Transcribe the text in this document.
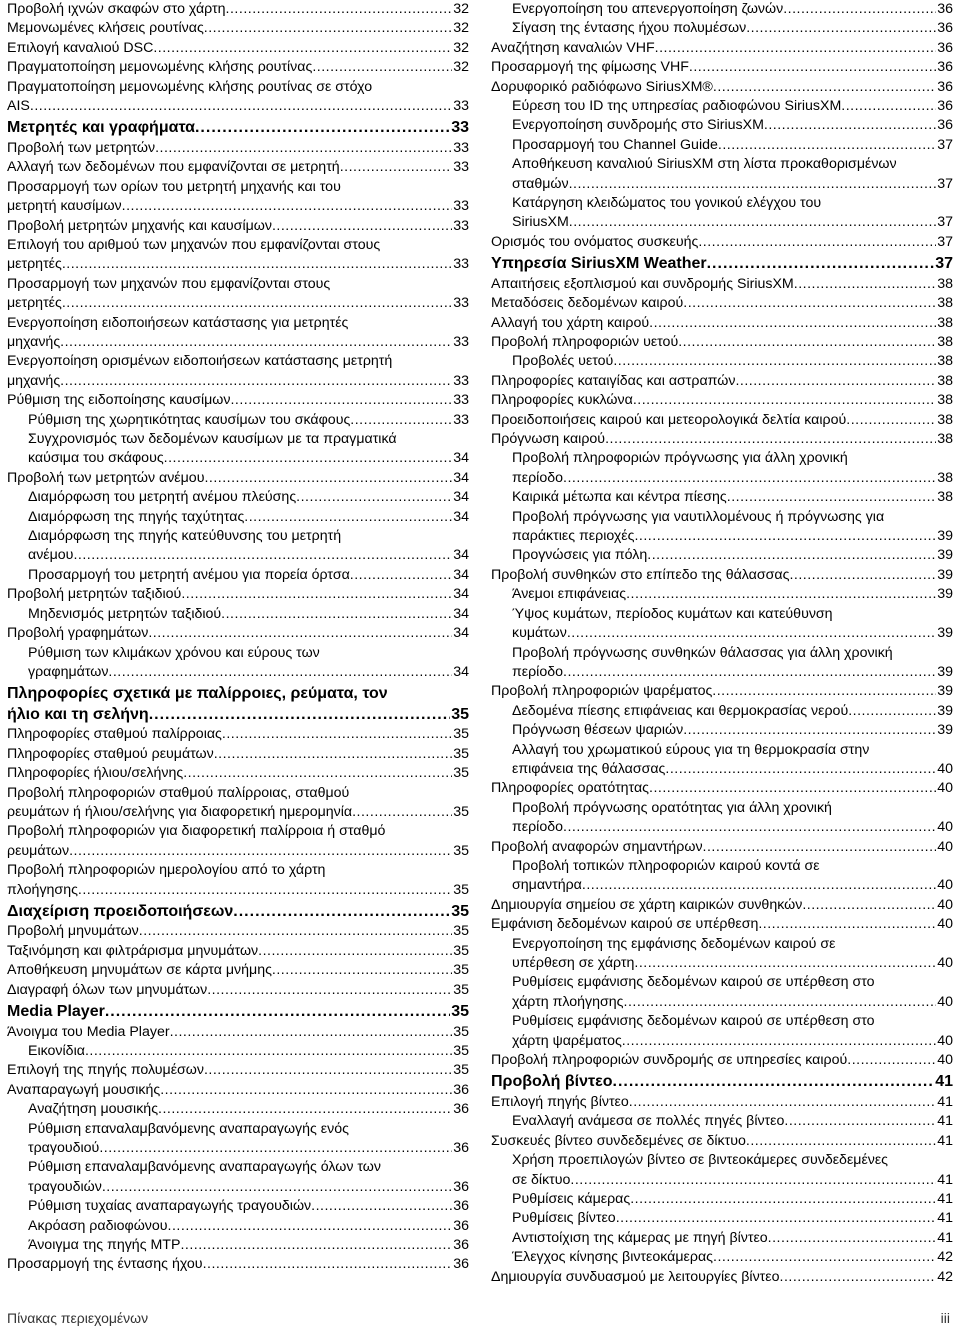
Προβολή ιχνών σκαφών στο χάρτη .....	32
Μεμονωμένες κλήσεις ρουτίνας .....	32
Επιλογή καναλιού DSC .....	32
Πραγματοποίηση μεμονωμένης κλήσης ρουτίνας .....	32
Πραγματοποίηση μεμονωμένης κλήσης ρουτίνας σε στόχο
AIS .....	33
Μετρητές και γραφήματα .....	33
Προβολή των μετρητών .....	33
Αλλαγή των δεδομένων που εμφανίζονται σε μετρητή .....	33
Προσαρμογή των ορίων του μετρητή μηχανής και του
μετρητή καυσίμων .....	33
Προβολή μετρητών μηχανής και καυσίμων .....	33
Επιλογή του αριθμού των μηχανών που εμφανίζονται στους
μετρητές .....	33
Προσαρμογή των μηχανών που εμφανίζονται στους
μετρητές .....	33
Ενεργοποίηση ειδοποιήσεων κατάστασης για μετρητές
μηχανής .....	33
Ενεργοποίηση ορισμένων ειδοποιήσεων κατάστασης μετρητή
μηχανής .....	33
Ρύθμιση της ειδοποίησης καυσίμων .....	33
Ρύθμιση της χωρητικότητας καυσίμων του σκάφους .....	33
Συγχρονισμός των δεδομένων καυσίμων με τα πραγματικά
καύσιμα του σκάφους .....	34
Προβολή των μετρητών ανέμου .....	34
Διαμόρφωση του μετρητή ανέμου πλεύσης .....	34
Διαμόρφωση της πηγής ταχύτητας .....	34
Διαμόρφωση της πηγής κατεύθυνσης του μετρητή
ανέμου .....	34
Προσαρμογή του μετρητή ανέμου για πορεία όρτσα .....	34
Προβολή μετρητών ταξιδιού .....	34
Μηδενισμός μετρητών ταξιδιού .....	34
Προβολή γραφημάτων .....	34
Ρύθμιση των κλιμάκων χρόνου και εύρους των
γραφημάτων .....	34
Πληροφορίες σχετικά με παλίρροιες, ρεύματα, τον
ήλιο και τη σελήνη .....	35
Πληροφορίες σταθμού παλίρροιας .....	35
Πληροφορίες σταθμού ρευμάτων .....	35
Πληροφορίες ήλιου/σελήνης .....	35
Προβολή πληροφοριών σταθμού παλίρροιας, σταθμού
ρευμάτων ή ήλιου/σελήνης για διαφορετική ημερομηνία .....	35
Προβολή πληροφοριών για διαφορετική παλίρροια ή σταθμό
ρευμάτων .....	35
Προβολή πληροφοριών ημερολογίου από το χάρτη
πλοήγησης .....	35
Διαχείριση προειδοποιήσεων .....	35
Προβολή μηνυμάτων .....	35
Ταξινόμηση και φιλτράρισμα μηνυμάτων .....	35
Αποθήκευση μηνυμάτων σε κάρτα μνήμης .....	35
Διαγραφή όλων των μηνυμάτων .....	35
Media Player .....	35
Άνοιγμα του Media Player .....	35
Εικονίδια .....	35
Επιλογή της πηγής πολυμέσων .....	35
Αναπαραγωγή μουσικής .....	36
Αναζήτηση μουσικής .....	36
Ρύθμιση επαναλαμβανόμενης αναπαραγωγής ενός
τραγουδιού .....	36
Ρύθμιση επαναλαμβανόμενης αναπαραγωγής όλων των
τραγουδιών .....	36
Ρύθμιση τυχαίας αναπαραγωγής τραγουδιών .....	36
Ακρόαση ραδιοφώνου .....	36
Άνοιγμα της πηγής MTP .....	36
Προσαρμογή της έντασης ήχου .....	36
Ενεργοποίηση του απενεργοποίηση ζωνών .....	36
Σίγαση της έντασης ήχου πολυμέσων .....	36
Αναζήτηση καναλιών VHF .....	36
Προσαρμογή της φίμωσης VHF .....	36
Δορυφορικό ραδιόφωνο SiriusXM® .....	36
Εύρεση του ID της υπηρεσίας ραδιοφώνου SiriusXM .....	36
Ενεργοποίηση συνδρομής στο SiriusXM .....	36
Προσαρμογή του Channel Guide .....	37
Αποθήκευση καναλιού SiriusXM στη λίστα προκαθορισμένων
σταθμών .....	37
Κατάργηση κλειδώματος του γονικού ελέγχου του
SiriusXM .....	37
Ορισμός του ονόματος συσκευής .....	37
Υπηρεσία SiriusXM Weather .....	37
Απαιτήσεις εξοπλισμού και συνδρομής SiriusXM .....	38
Μεταδόσεις δεδομένων καιρού .....	38
Αλλαγή του χάρτη καιρού .....	38
Προβολή πληροφοριών υετού .....	38
Προβολές υετού .....	38
Πληροφορίες καταιγίδας και αστραπών .....	38
Πληροφορίες κυκλώνα .....	38
Προειδοποιήσεις καιρού και μετεορολογικά δελτία καιρού .....	38
Πρόγνωση καιρού .....	38
Προβολή πληροφοριών πρόγνωσης για άλλη χρονική
περίοδο .....	38
Καιρικά μέτωπα και κέντρα πίεσης .....	38
Προβολή πρόγνωσης για ναυτιλλομένους ή πρόγνωσης για
παράκτιες περιοχές .....	39
Προγνώσεις για πόλη .....	39
Προβολή συνθηκών στο επίπεδο της θάλασσας .....	39
Άνεμοι επιφάνειας .....	39
Ύψος κυμάτων, περίοδος κυμάτων και κατεύθυνση
κυμάτων .....	39
Προβολή πρόγνωσης συνθηκών θάλασσας για άλλη χρονική
περίοδο .....	39
Προβολή πληροφοριών ψαρέματος .....	39
Δεδομένα πίεσης επιφάνειας και θερμοκρασίας νερού .....	39
Πρόγνωση θέσεων ψαριών .....	39
Αλλαγή του χρωματικού εύρους για τη θερμοκρασία στην
επιφάνεια της θάλασσας .....	40
Πληροφορίες ορατότητας .....	40
Προβολή πρόγνωσης ορατότητας για άλλη χρονική
περίοδο .....	40
Προβολή αναφορών σημαντήρων .....	40
Προβολή τοπικών πληροφοριών καιρού κοντά σε
σημαντήρα .....	40
Δημιουργία σημείου σε χάρτη καιρικών συνθηκών .....	40
Εμφάνιση δεδομένων καιρού σε υπέρθεση .....	40
Ενεργοποίηση της εμφάνισης δεδομένων καιρού σε
υπέρθεση σε χάρτη .....	40
Ρυθμίσεις εμφάνισης δεδομένων καιρού σε υπέρθεση στο
χάρτη πλοήγησης .....	40
Ρυθμίσεις εμφάνισης δεδομένων καιρού σε υπέρθεση στο
χάρτη ψαρέματος .....	40
Προβολή πληροφοριών συνδρομής σε υπηρεσίες καιρού .....	40
Προβολή βίντεο .....	41
Επιλογή πηγής βίντεο .....	41
Εναλλαγή ανάμεσα σε πολλές πηγές βίντεο .....	41
Συσκευές βίντεο συνδεδεμένες σε δίκτυο .....	41
Χρήση προεπιλογών βίντεο σε βιντεοκάμερες συνδεδεμένες
σε δίκτυο .....	41
Ρυθμίσεις κάμερας .....	41
Ρυθμίσεις βίντεο .....	41
Αντιστοίχιση της κάμερας με πηγή βίντεο .....	41
Έλεγχος κίνησης βιντεοκάμερας .....	42
Δημιουργία συνδυασμού με λειτουργίες βίντεο .....	42
Πίνακας περιεχομένων	iii
